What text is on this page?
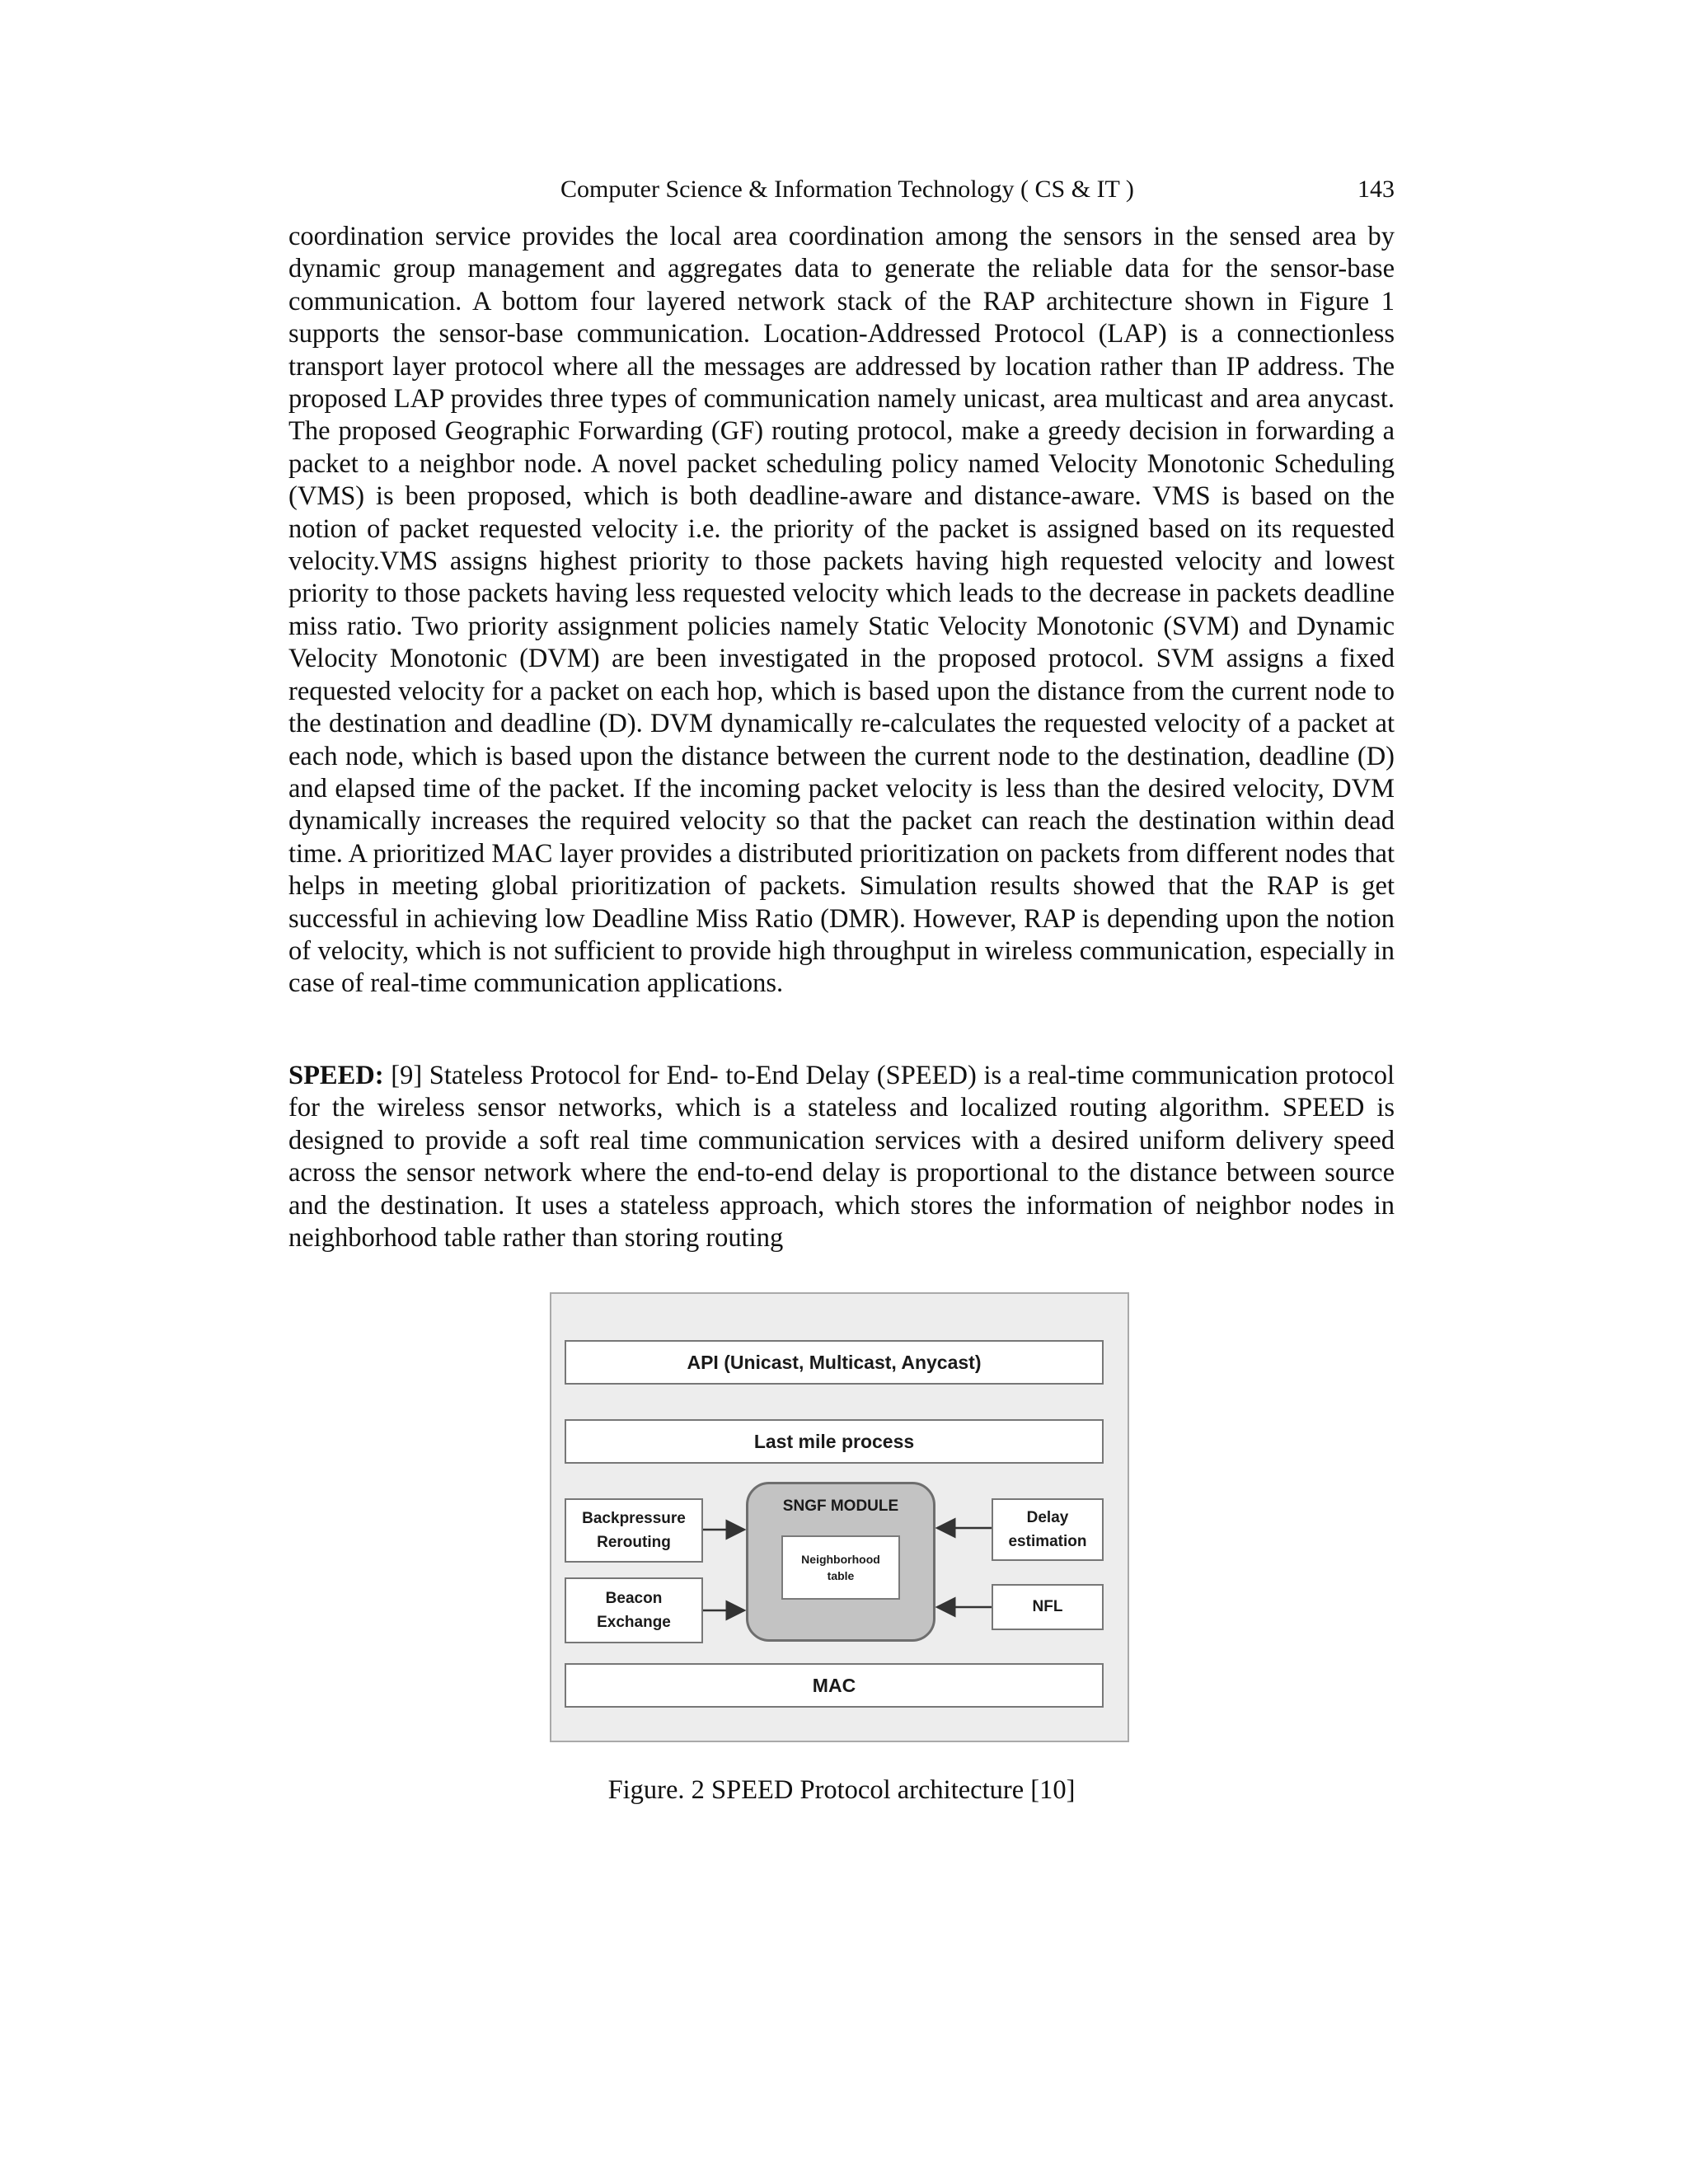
Computer Science & Information Technology ( CS & IT )	143

coordination service provides the local area coordination among the sensors in the sensed area by dynamic group management and aggregates data to generate the reliable data for the sensor-base communication. A bottom four layered network stack of the RAP architecture shown in Figure 1 supports the sensor-base communication. Location-Addressed Protocol (LAP) is a connectionless transport layer protocol where all the messages are addressed by location rather than IP address. The proposed LAP provides three types of communication namely unicast, area multicast and area anycast. The proposed Geographic Forwarding (GF) routing protocol, make a greedy decision in forwarding a packet to a neighbor node. A novel packet scheduling policy named Velocity Monotonic Scheduling (VMS) is been proposed, which is both deadline-aware and distance-aware. VMS is based on the notion of packet requested velocity i.e. the priority of the packet is assigned based on its requested velocity.VMS assigns highest priority to those packets having high requested velocity and lowest priority to those packets having less requested velocity which leads to the decrease in packets deadline miss ratio. Two priority assignment policies namely Static Velocity Monotonic (SVM) and Dynamic Velocity Monotonic (DVM) are been investigated in the proposed protocol. SVM assigns a fixed requested velocity for a packet on each hop, which is based upon the distance from the current node to the destination and deadline (D). DVM dynamically re-calculates the requested velocity of a packet at each node, which is based upon the distance between the current node to the destination, deadline (D) and elapsed time of the packet. If the incoming packet velocity is less than the desired velocity, DVM dynamically increases the required velocity so that the packet can reach the destination within dead time. A prioritized MAC layer provides a distributed prioritization on packets from different nodes that helps in meeting global prioritization of packets. Simulation results showed that the RAP is get successful in achieving low Deadline Miss Ratio (DMR). However, RAP is depending upon the notion of velocity, which is not sufficient to provide high throughput in wireless communication, especially in case of real-time communication applications.

SPEED: [9] Stateless Protocol for End- to-End Delay (SPEED) is a real-time communication protocol for the wireless sensor networks, which is a stateless and localized routing algorithm. SPEED is designed to provide a soft real time communication services with a desired uniform delivery speed across the sensor network where the end-to-end delay is proportional to the distance between source and the destination. It uses a stateless approach, which stores the information of neighbor nodes in neighborhood table rather than storing routing

API (Unicast, Multicast, Anycast)
Last mile process
Backpressure
Rerouting
Beacon
Exchange
SNGF MODULE
Neighborhood
table
Delay
estimation
NFL
MAC
Figure. 2 SPEED Protocol architecture [10]
